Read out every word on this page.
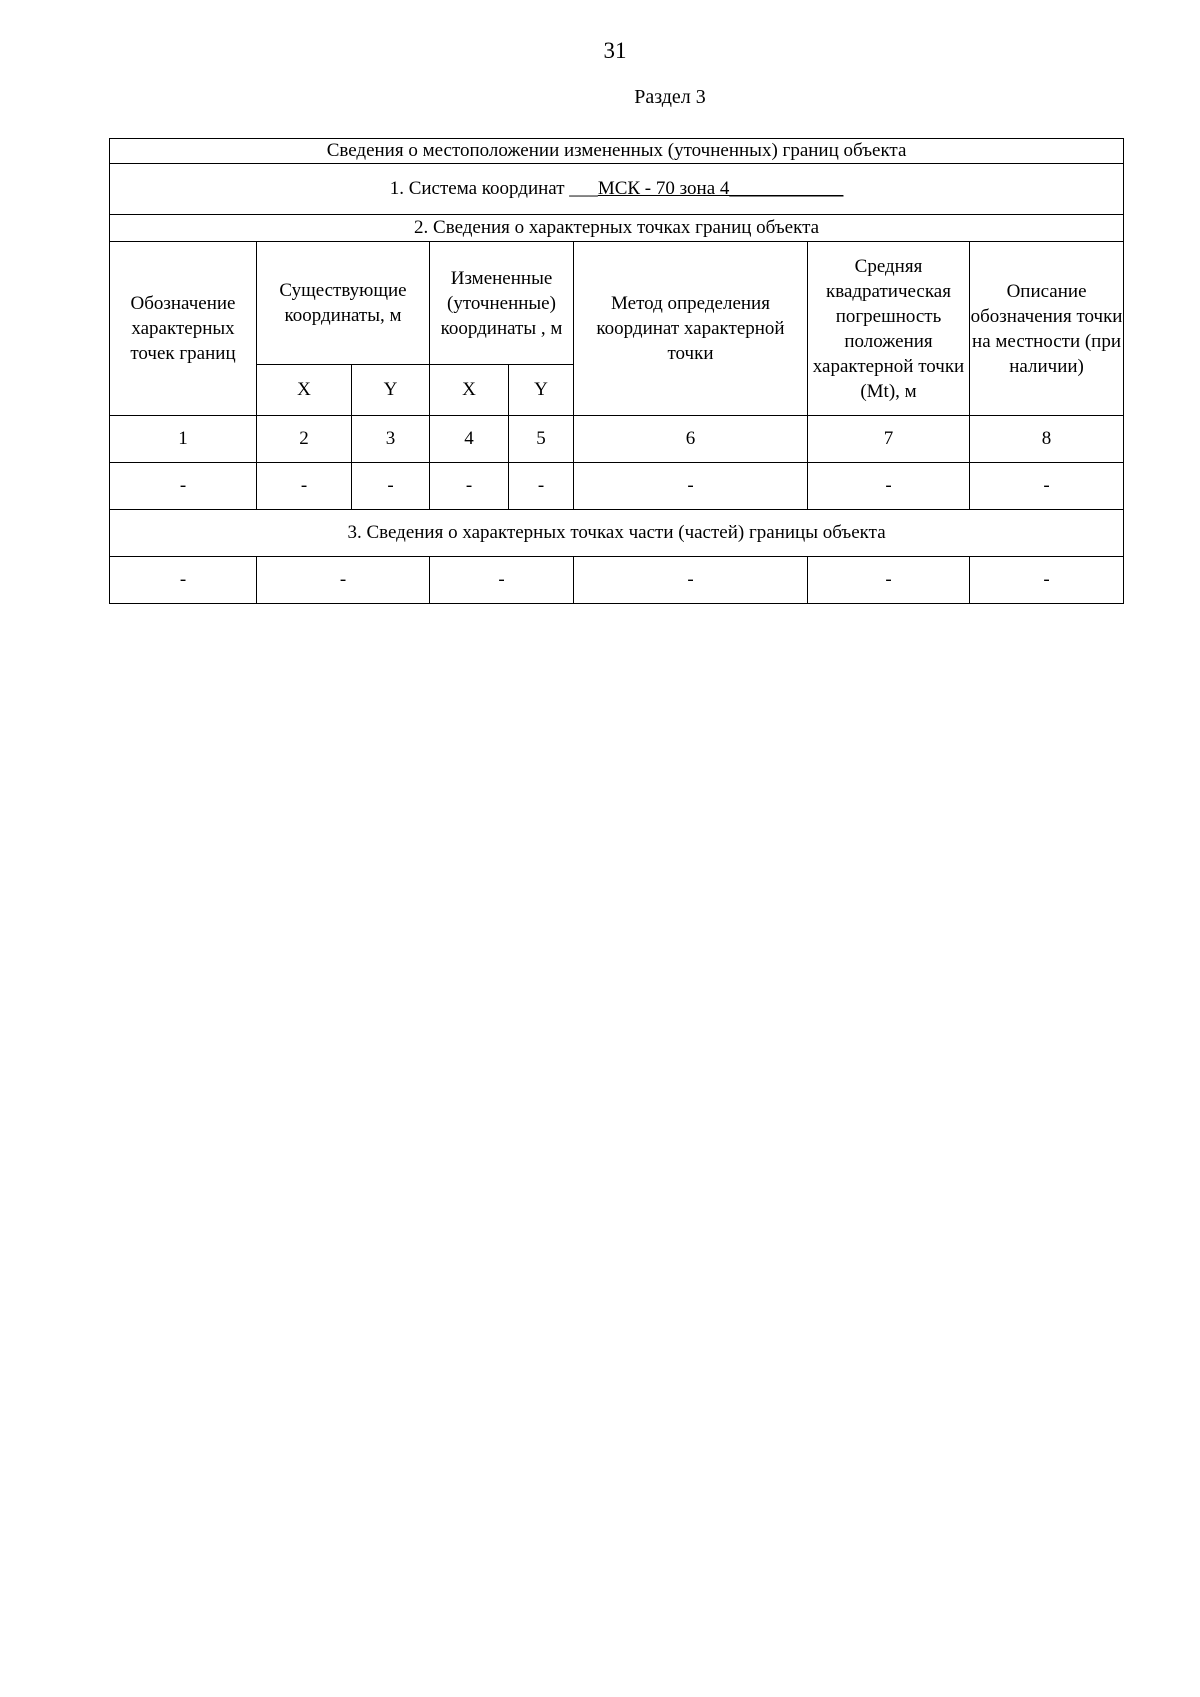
31
Раздел 3
Сведения о местоположении измененных (уточненных) границ объекта							
1. Система координат ___МСК - 70 зона 4____________							
2. Сведения о характерных точках границ объекта							
Обозначение характерных точек границ	Существующие координаты, м		Измененные (уточненные) координаты , м		Метод определения координат характерной точки	Средняя квадратическая погрешность положения характерной точки (Mt), м	Описание обозначения точки на местности (при наличии)
	X	Y	X	Y			
1	2	3	4	5	6	7	8
-	-	-	-	-	-	-	-
3. Сведения о характерных точках части (частей) границы объекта							
-	-		-		-	-	-
